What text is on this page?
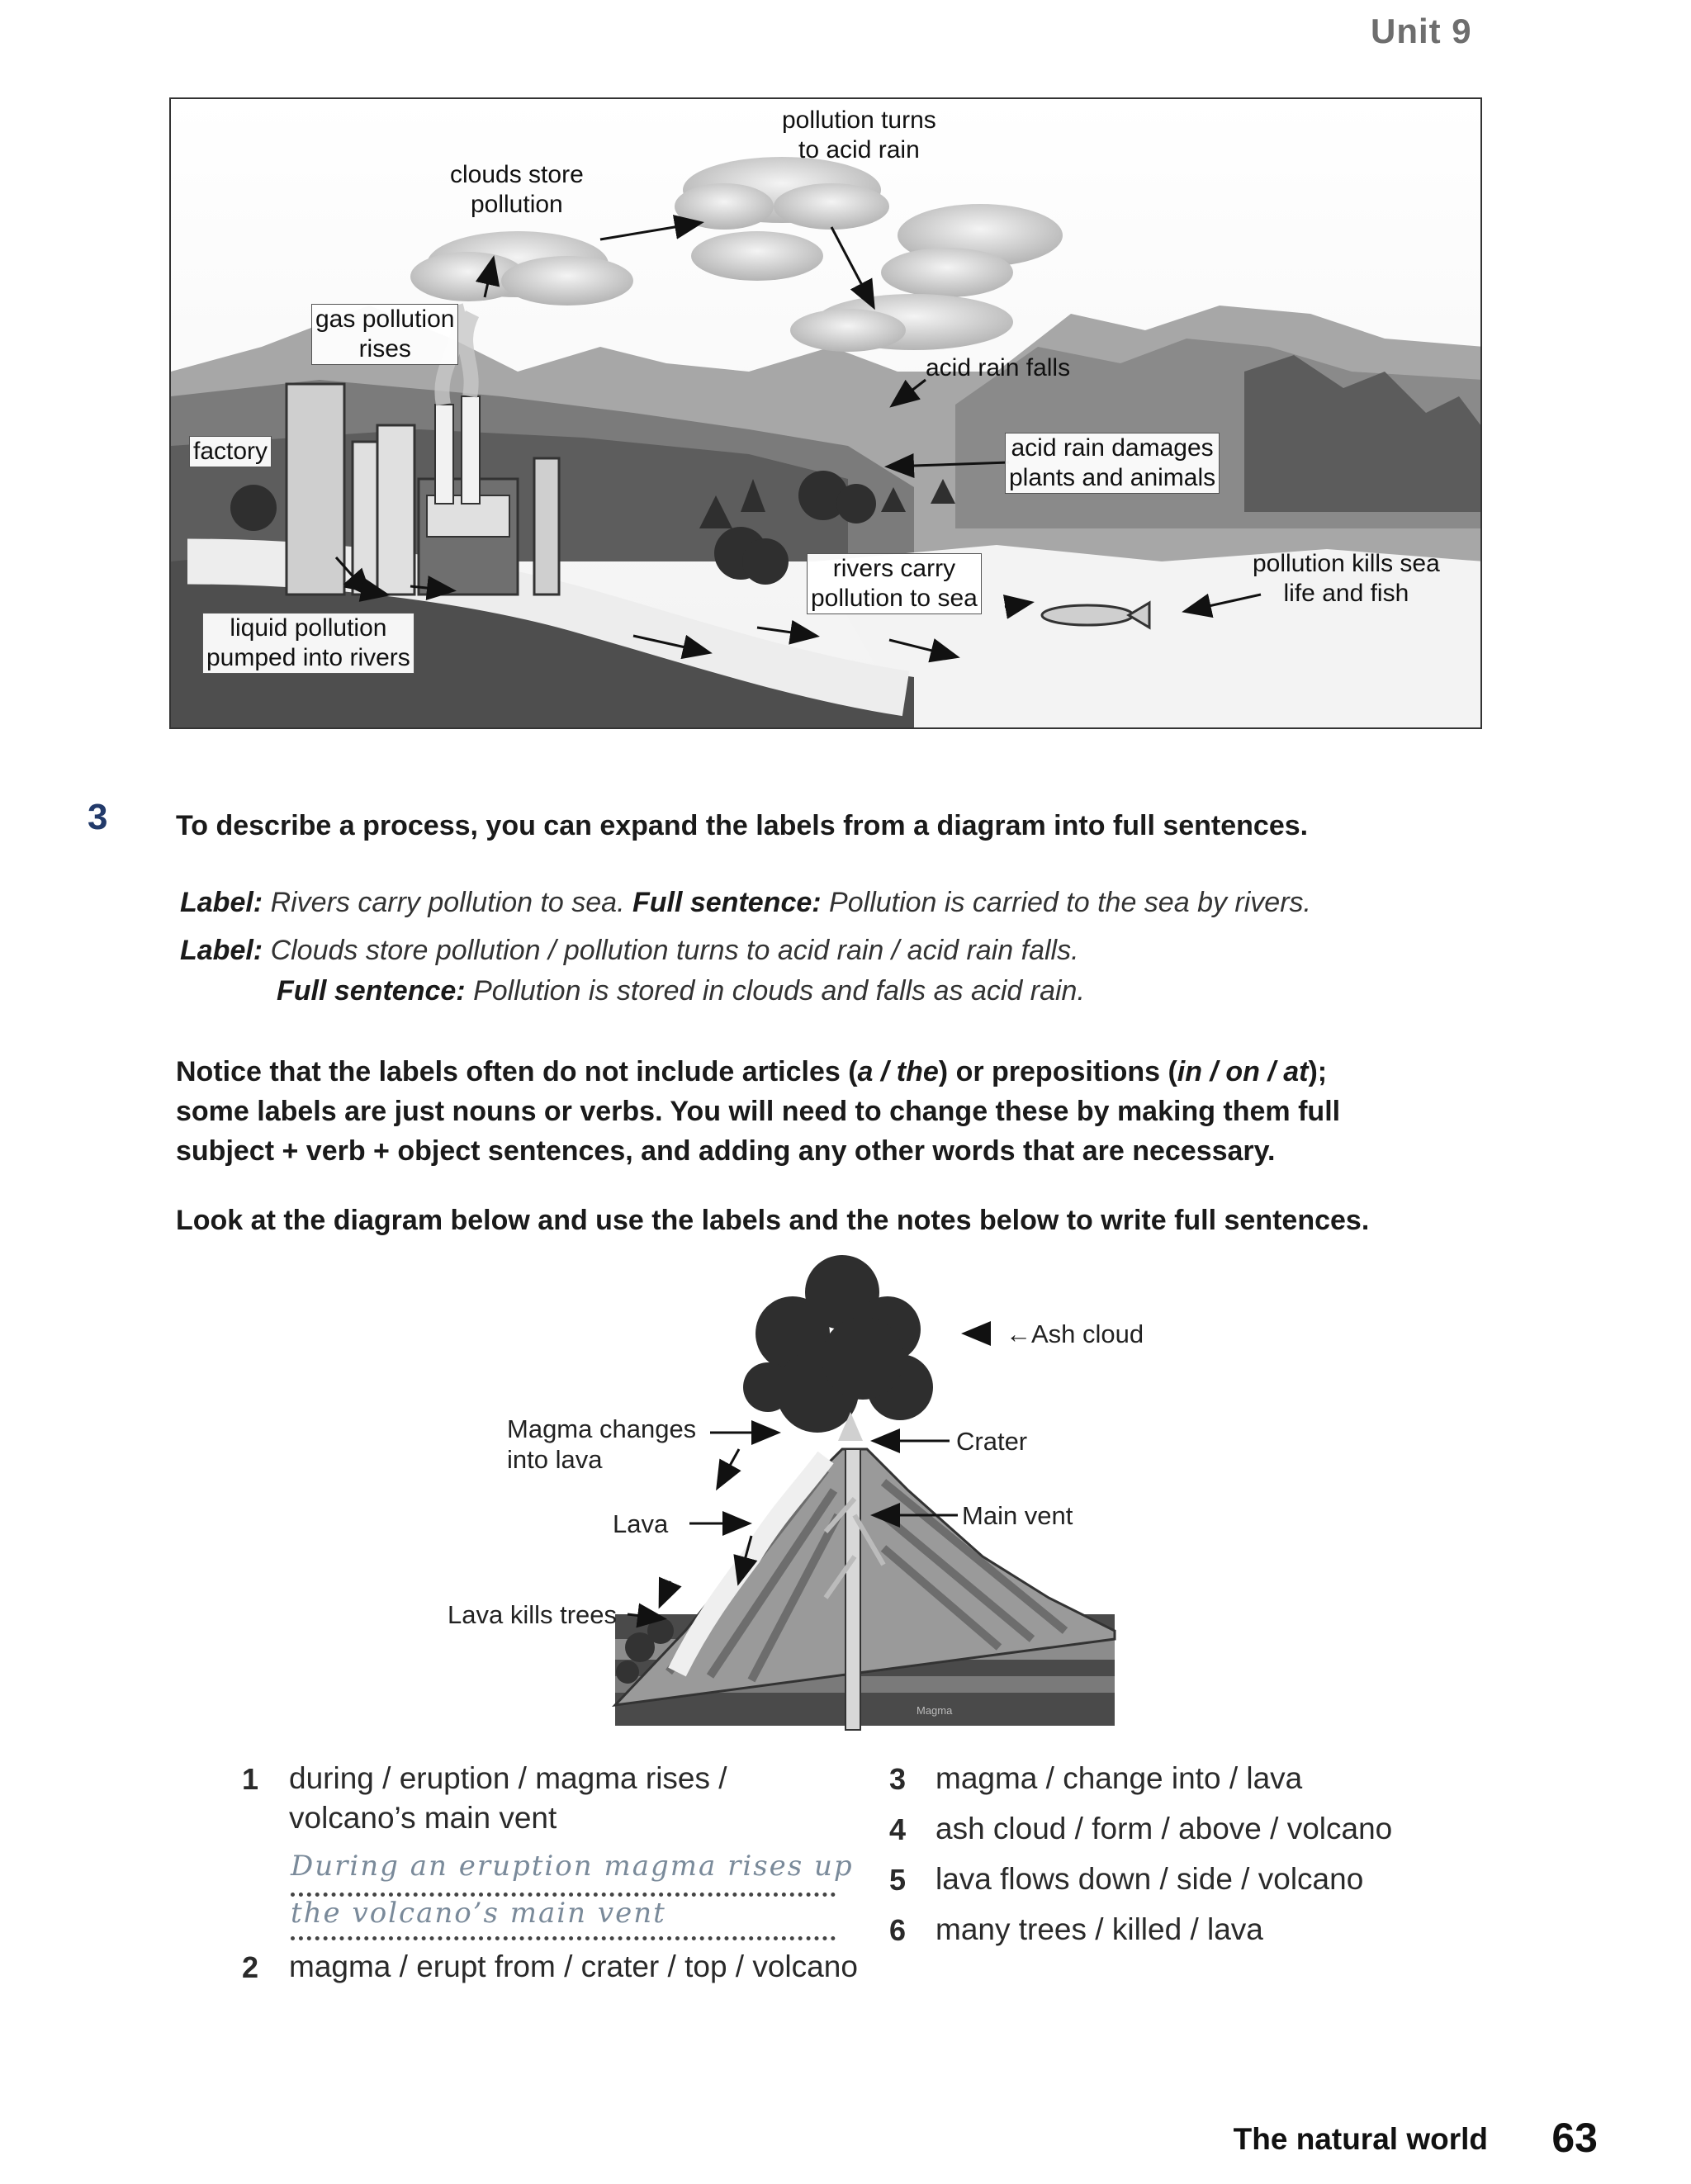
Unit 9
pollution turns
to acid rain
clouds store
pollution
gas pollution
rises
acid rain falls
factory	acid rain damages
plants and animals
rivers carry
pollution to sea
pollution kills sea
life and fish
liquid pollution
pumped into rivers
3 To describe a process, you can expand the labels from a diagram into full sentences.
Label: Rivers carry pollution to sea. Full sentence: Pollution is carried to the sea by rivers.
Label: Clouds store pollution / pollution turns to acid rain / acid rain falls.
Full sentence: Pollution is stored in clouds and falls as acid rain.
Notice that the labels often do not include articles (a / the) or prepositions (in / on / at);
some labels are just nouns or verbs. You will need to change these by making them full
subject + verb + object sentences, and adding any other words that are necessary.
Look at the diagram below and use the labels and the notes below to write full sentences.
←Ash cloud
Magma changes
into lava
Crater
Lava	Main vent
Lava kills trees
Magma
1 during / eruption / magma rises /
volcano’s main vent
During an eruption magma rises up
the volcano’s main vent
2 magma / erupt from / crater / top / volcano
3 magma / change into / lava
4 ash cloud / form / above / volcano
5 lava flows down / side / volcano
6 many trees / killed / lava
The natural world 63
